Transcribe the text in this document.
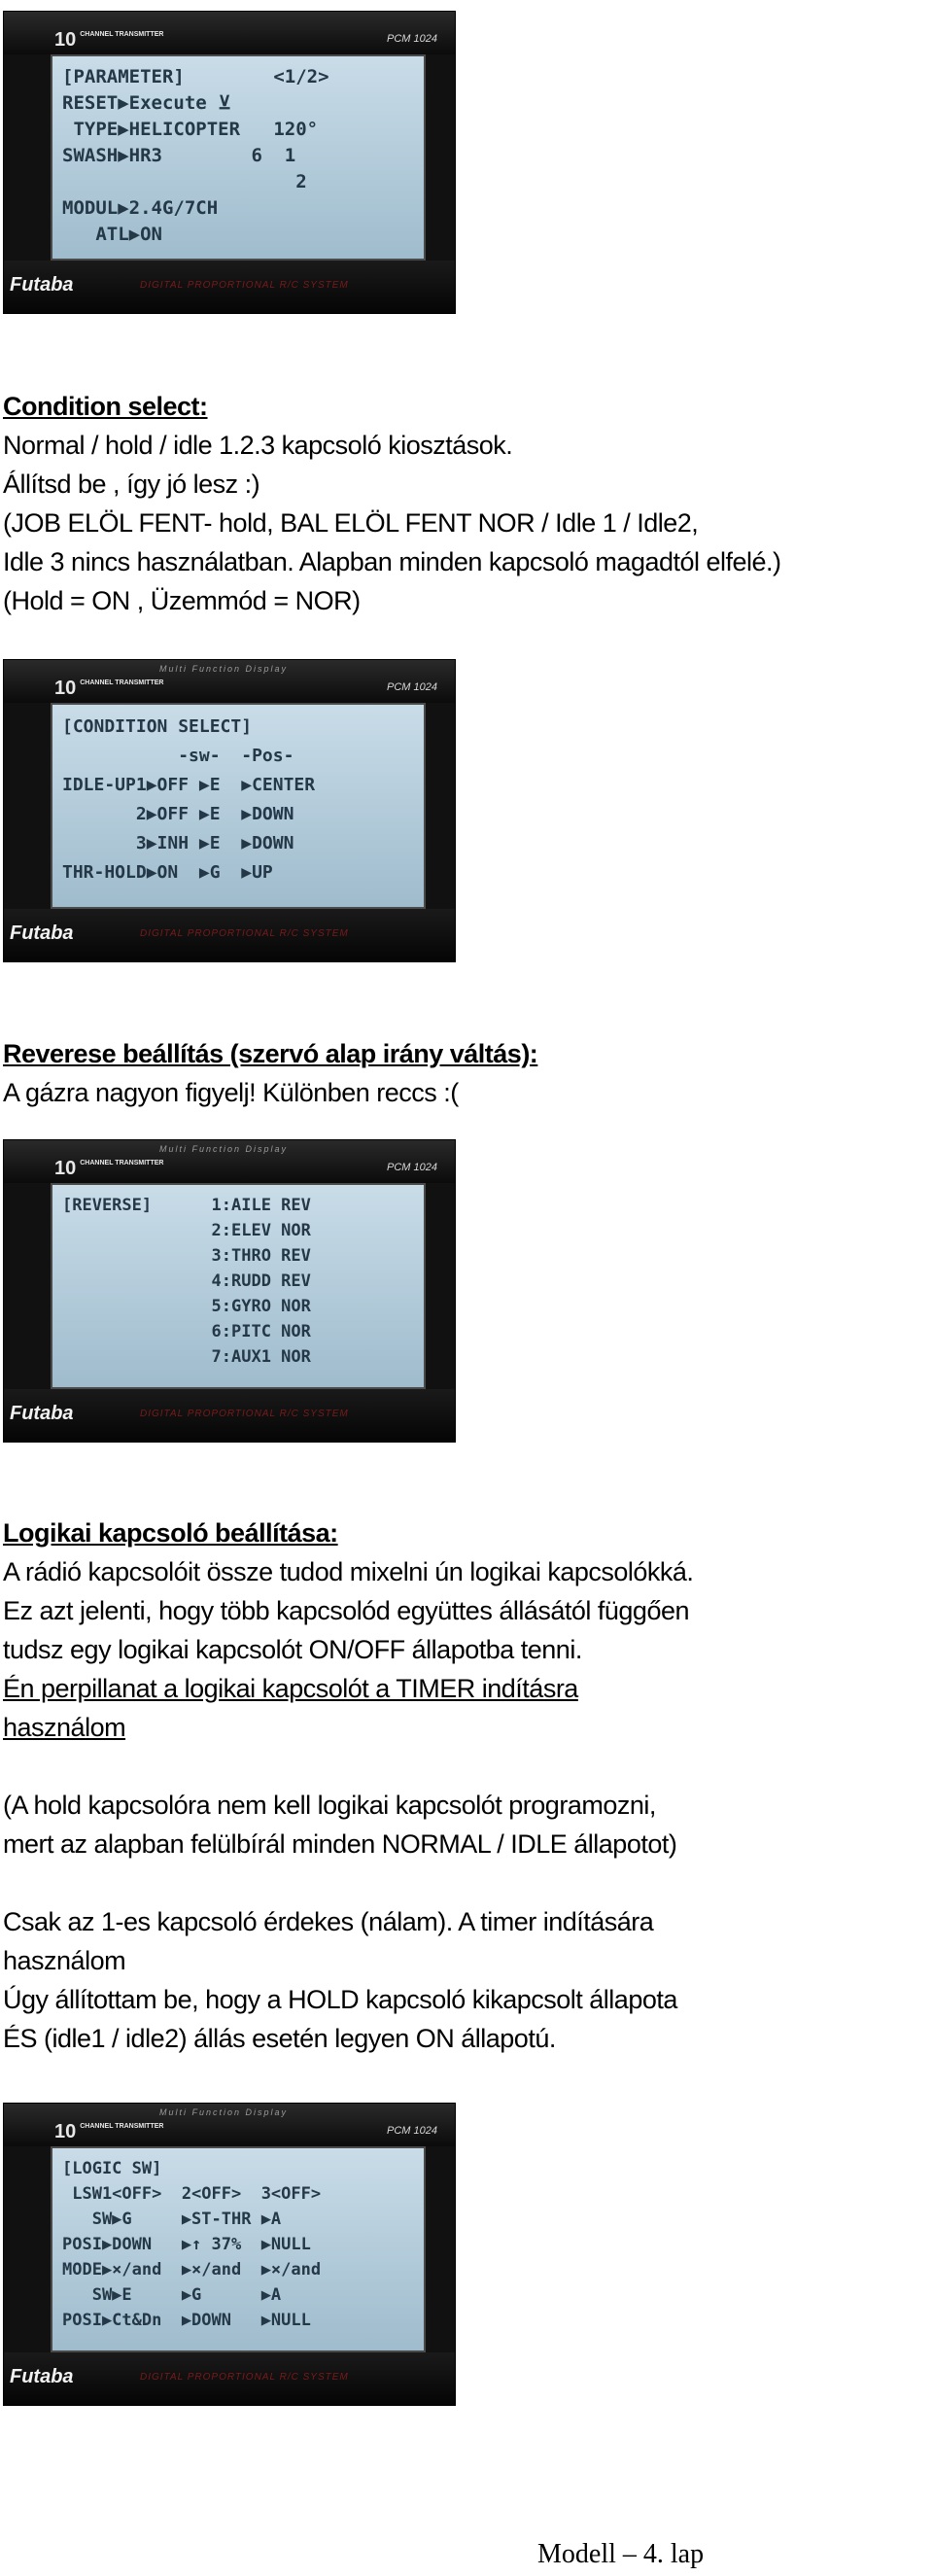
10 CHANNEL TRANSMITTER	PCM 1024
[PARAMETER]        <1/2>
RESET▶Execute ⊻
TYPE▶HELICOPTER   120°
SWASH▶HR3        6  1
2
MODUL▶2.4G/7CH
ATL▶ON
Futaba	DIGITAL PROPORTIONAL R/C SYSTEM
Condition select:
Normal / hold / idle 1.2.3 kapcsoló kiosztások.
Állítsd be , így jó lesz :)
(JOB ELÖL FENT- hold, BAL ELÖL FENT NOR / Idle 1 / Idle2,
Idle 3 nincs használatban. Alapban minden kapcsoló magadtól elfelé.)
(Hold = ON , Üzemmód = NOR)
Multi Function Display
10 CHANNEL TRANSMITTER	PCM 1024
[CONDITION SELECT]
-sw-  -Pos-
IDLE-UP1▶OFF ▶E  ▶CENTER
2▶OFF ▶E  ▶DOWN
3▶INH ▶E  ▶DOWN
THR-HOLD▶ON  ▶G  ▶UP
Futaba	DIGITAL PROPORTIONAL R/C SYSTEM
Reverese beállítás (szervó alap irány váltás):
A gázra nagyon figyelj! Különben reccs :(
Multi Function Display
10 CHANNEL TRANSMITTER	PCM 1024
[REVERSE]      1:AILE REV
2:ELEV NOR
3:THRO REV
4:RUDD REV
5:GYRO NOR
6:PITC NOR
7:AUX1 NOR
Futaba	DIGITAL PROPORTIONAL R/C SYSTEM
Logikai kapcsoló beállítása:
A rádió kapcsolóit össze tudod mixelni ún logikai kapcsolókká.
Ez azt jelenti, hogy több kapcsolód együttes állásától függően
tudsz egy logikai kapcsolót ON/OFF állapotba tenni.
Én perpillanat a logikai kapcsolót a TIMER indításra
használom
(A hold kapcsolóra nem kell logikai kapcsolót programozni,
mert az alapban felülbírál minden NORMAL / IDLE állapotot)
Csak az 1-es kapcsoló érdekes (nálam). A timer indítására
használom
Úgy állítottam be, hogy a HOLD kapcsoló kikapcsolt állapota
ÉS (idle1 / idle2) állás esetén legyen ON állapotú.
Multi Function Display
10 CHANNEL TRANSMITTER	PCM 1024
[LOGIC SW]
LSW1<OFF>  2<OFF>  3<OFF>
SW▶G     ▶ST-THR ▶A
POSI▶DOWN   ▶↑ 37%  ▶NULL
MODE▶×/and  ▶×/and  ▶×/and
SW▶E     ▶G      ▶A
POSI▶Ct&Dn  ▶DOWN   ▶NULL
Futaba	DIGITAL PROPORTIONAL R/C SYSTEM
Modell – 4. lap
